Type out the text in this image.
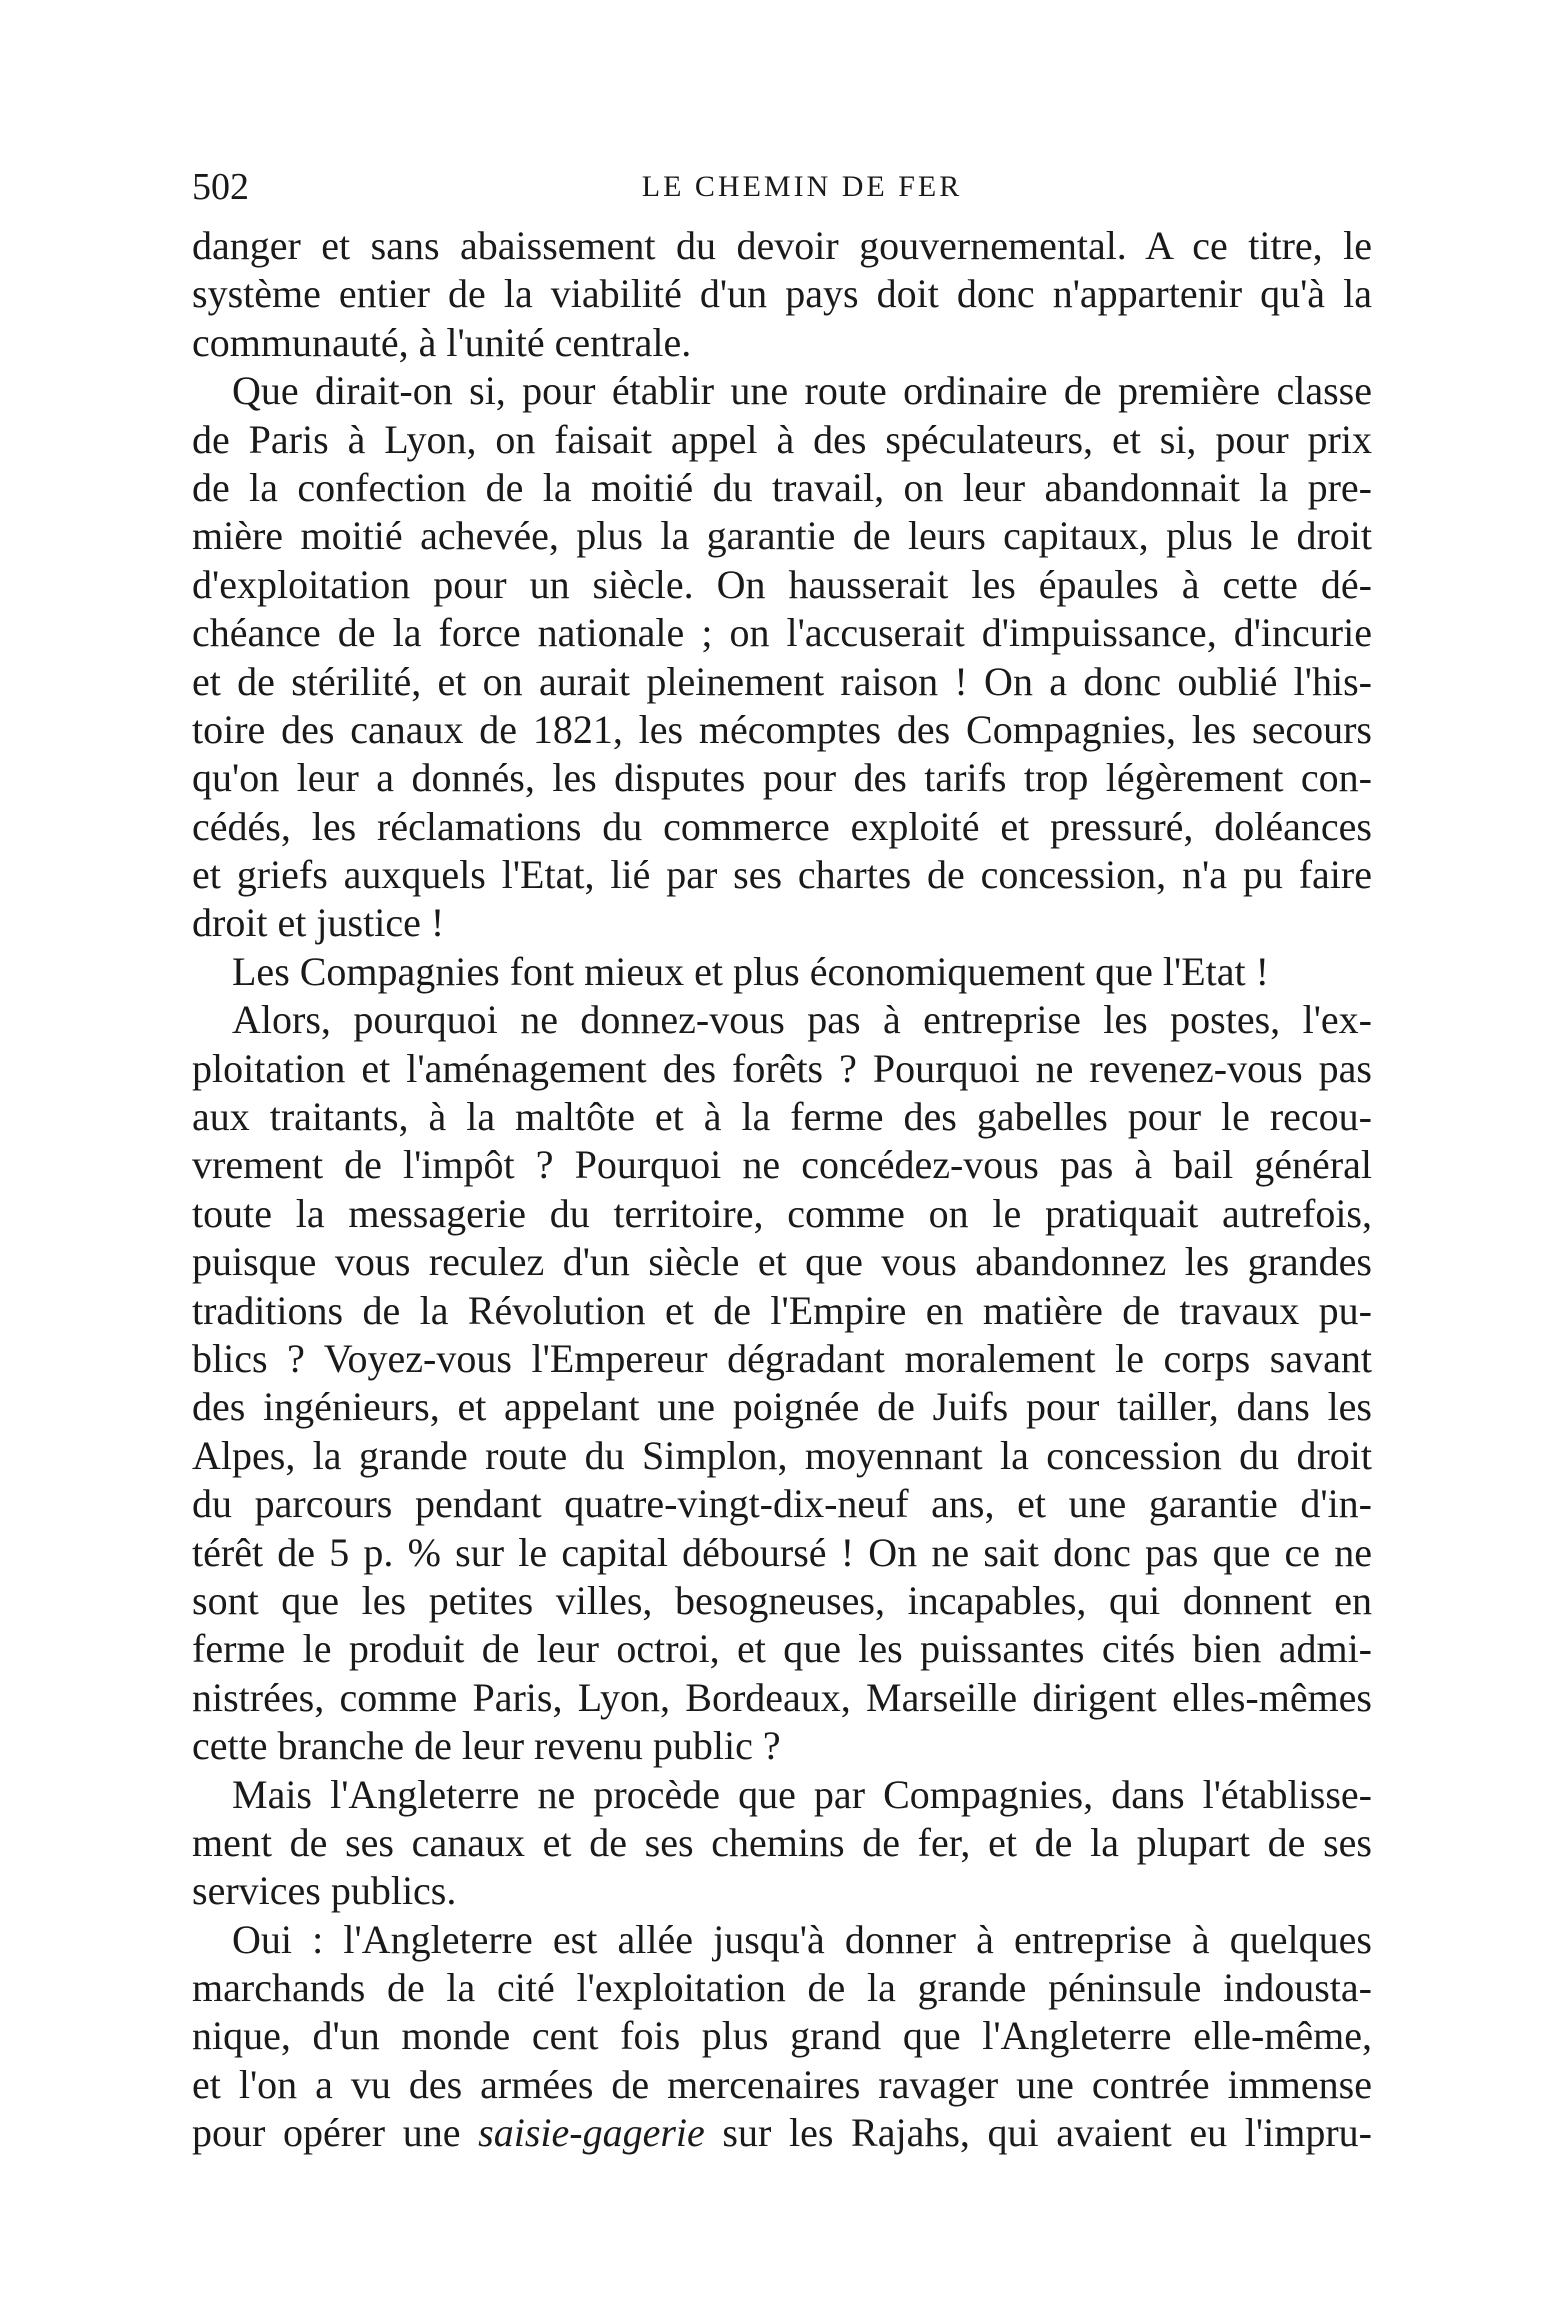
502	LE CHEMIN DE FER
danger et sans abaissement du devoir gouvernemental. A ce titre, le
système entier de la viabilité d'un pays doit donc n'appartenir qu'à la
communauté, à l'unité centrale.
Que dirait-on si, pour établir une route ordinaire de première classe
de Paris à Lyon, on faisait appel à des spéculateurs, et si, pour prix
de la confection de la moitié du travail, on leur abandonnait la pre-
mière moitié achevée, plus la garantie de leurs capitaux, plus le droit
d'exploitation pour un siècle. On hausserait les épaules à cette dé-
chéance de la force nationale ; on l'accuserait d'impuissance, d'incurie
et de stérilité, et on aurait pleinement raison ! On a donc oublié l'his-
toire des canaux de 1821, les mécomptes des Compagnies, les secours
qu'on leur a donnés, les disputes pour des tarifs trop légèrement con-
cédés, les réclamations du commerce exploité et pressuré, doléances
et griefs auxquels l'Etat, lié par ses chartes de concession, n'a pu faire
droit et justice !
Les Compagnies font mieux et plus économiquement que l'Etat !
Alors, pourquoi ne donnez-vous pas à entreprise les postes, l'ex-
ploitation et l'aménagement des forêts ? Pourquoi ne revenez-vous pas
aux traitants, à la maltôte et à la ferme des gabelles pour le recou-
vrement de l'impôt ? Pourquoi ne concédez-vous pas à bail général
toute la messagerie du territoire, comme on le pratiquait autrefois,
puisque vous reculez d'un siècle et que vous abandonnez les grandes
traditions de la Révolution et de l'Empire en matière de travaux pu-
blics ? Voyez-vous l'Empereur dégradant moralement le corps savant
des ingénieurs, et appelant une poignée de Juifs pour tailler, dans les
Alpes, la grande route du Simplon, moyennant la concession du droit
du parcours pendant quatre-vingt-dix-neuf ans, et une garantie d'in-
térêt de 5 p. % sur le capital déboursé ! On ne sait donc pas que ce ne
sont que les petites villes, besogneuses, incapables, qui donnent en
ferme le produit de leur octroi, et que les puissantes cités bien admi-
nistrées, comme Paris, Lyon, Bordeaux, Marseille dirigent elles-mêmes
cette branche de leur revenu public ?
Mais l'Angleterre ne procède que par Compagnies, dans l'établisse-
ment de ses canaux et de ses chemins de fer, et de la plupart de ses
services publics.
Oui : l'Angleterre est allée jusqu'à donner à entreprise à quelques
marchands de la cité l'exploitation de la grande péninsule indousta-
nique, d'un monde cent fois plus grand que l'Angleterre elle-même,
et l'on a vu des armées de mercenaires ravager une contrée immense
pour opérer une saisie-gagerie sur les Rajahs, qui avaient eu l'impru-
